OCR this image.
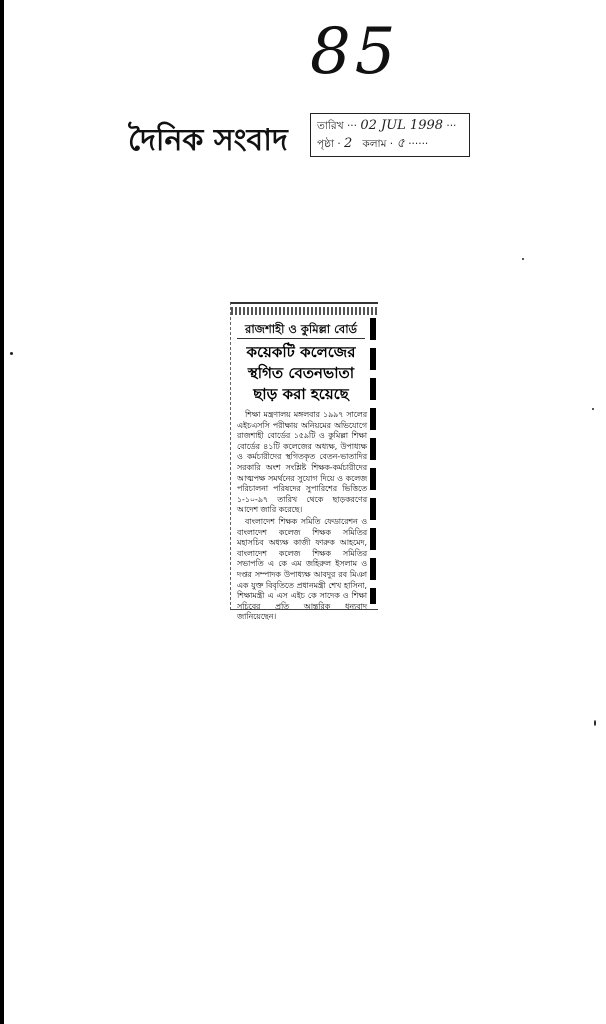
85
দৈনিক সংবাদ	তারিখ ··· 02 JUL 1998 ···
পৃষ্ঠা · 2 কলাম · ৫ ······
রাজশাহী ও কুমিল্লা বোর্ড
কয়েকটি কলেজের
স্থগিত বেতনভাতা
ছাড় করা হয়েছে

শিক্ষা মন্ত্রণালয় মঙ্গলবার ১৯৯৭ সালের এইচএসসি পরীক্ষায় অনিয়মের অভিযোগে রাজশাহী বোর্ডের ১৫৯টি ও কুমিল্লা শিক্ষা বোর্ডের ৪১টি কলেজের অধ্যক্ষ, উপাধ্যক্ষ ও কর্মচারীদের স্থগিতকৃত বেতন-ভাতাদির সরকারি অংশ সংশ্লিষ্ট শিক্ষক-কর্মচারীদের আত্মপক্ষ সমর্থনের সুযোগ দিয়ে ও কলেজ পরিচালনা পরিষদের সুপারিশের ভিত্তিতে ১-১০-৯৭ তারিখ থেকে ছাড়করণের আদেশ জারি করেছে।

বাংলাদেশ শিক্ষক সমিতি ফেডারেশন ও বাংলাদেশ কলেজ শিক্ষক সমিতির মহাসচিব অধ্যক্ষ কাজী ফারুক আহমেদ, বাংলাদেশ কলেজ শিক্ষক সমিতির সভাপতি এ কে এম জহিরুল ইসলাম ও দপ্তর সম্পাদক উপাধ্যক্ষ আবদুর রব মিঞা এক যুক্ত বিবৃতিতে প্রধানমন্ত্রী শেখ হাসিনা, শিক্ষামন্ত্রী এ এস এইচ কে সাদেক ও শিক্ষা সচিবের প্রতি আন্তরিক ধন্যবাদ জানিয়েছেন।
